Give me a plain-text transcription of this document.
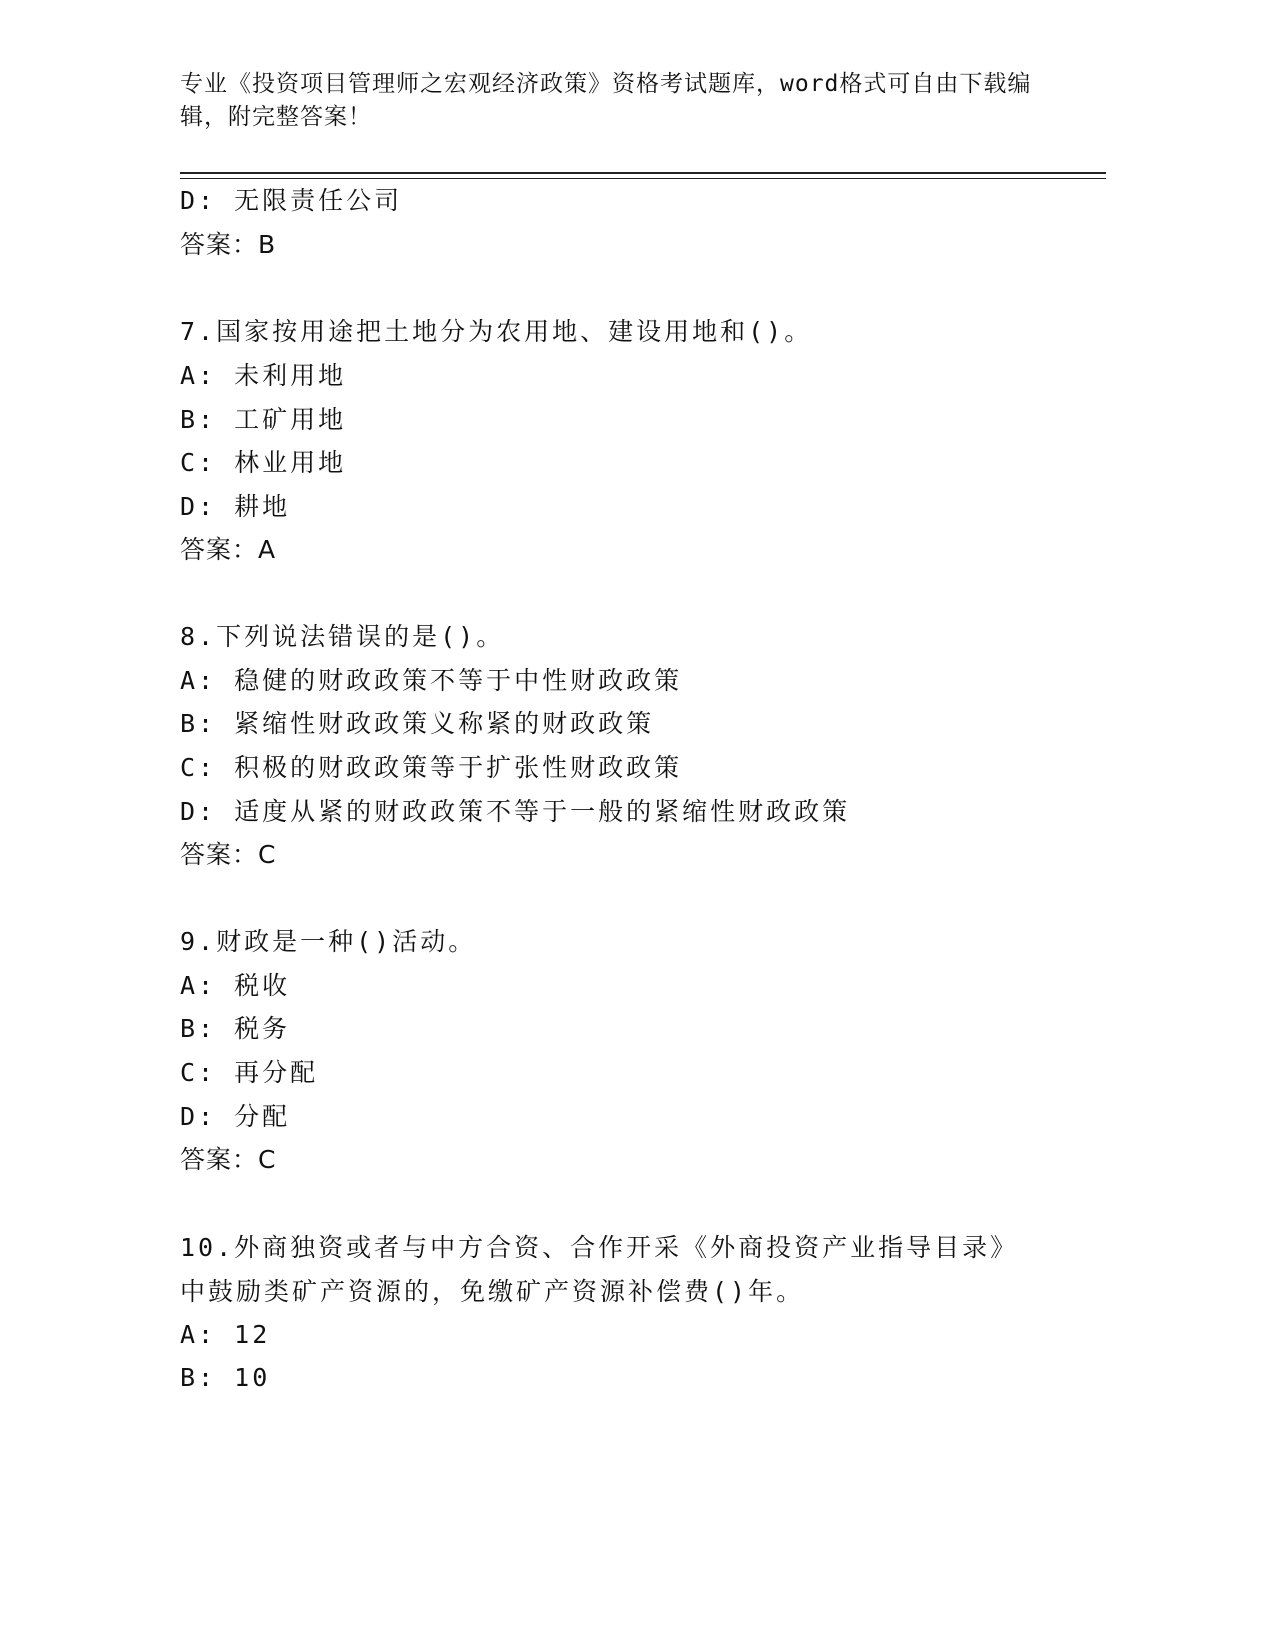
专业《投资项目管理师之宏观经济政策》资格考试题库，word格式可自由下载编辑，附完整答案！

D: 无限责任公司

答案：B

7.国家按用途把土地分为农用地、建设用地和()。

A: 未利用地

B: 工矿用地

C: 林业用地

D: 耕地

答案：A

8.下列说法错误的是()。

A: 稳健的财政政策不等于中性财政政策

B: 紧缩性财政政策义称紧的财政政策

C: 积极的财政政策等于扩张性财政政策

D: 适度从紧的财政政策不等于一般的紧缩性财政政策

答案：C

9.财政是一种()活动。

A: 税收

B: 税务

C: 再分配

D: 分配

答案：C

10.外商独资或者与中方合资、合作开采《外商投资产业指导目录》中鼓励类矿产资源的，免缴矿产资源补偿费()年。

A: 12

B: 10
